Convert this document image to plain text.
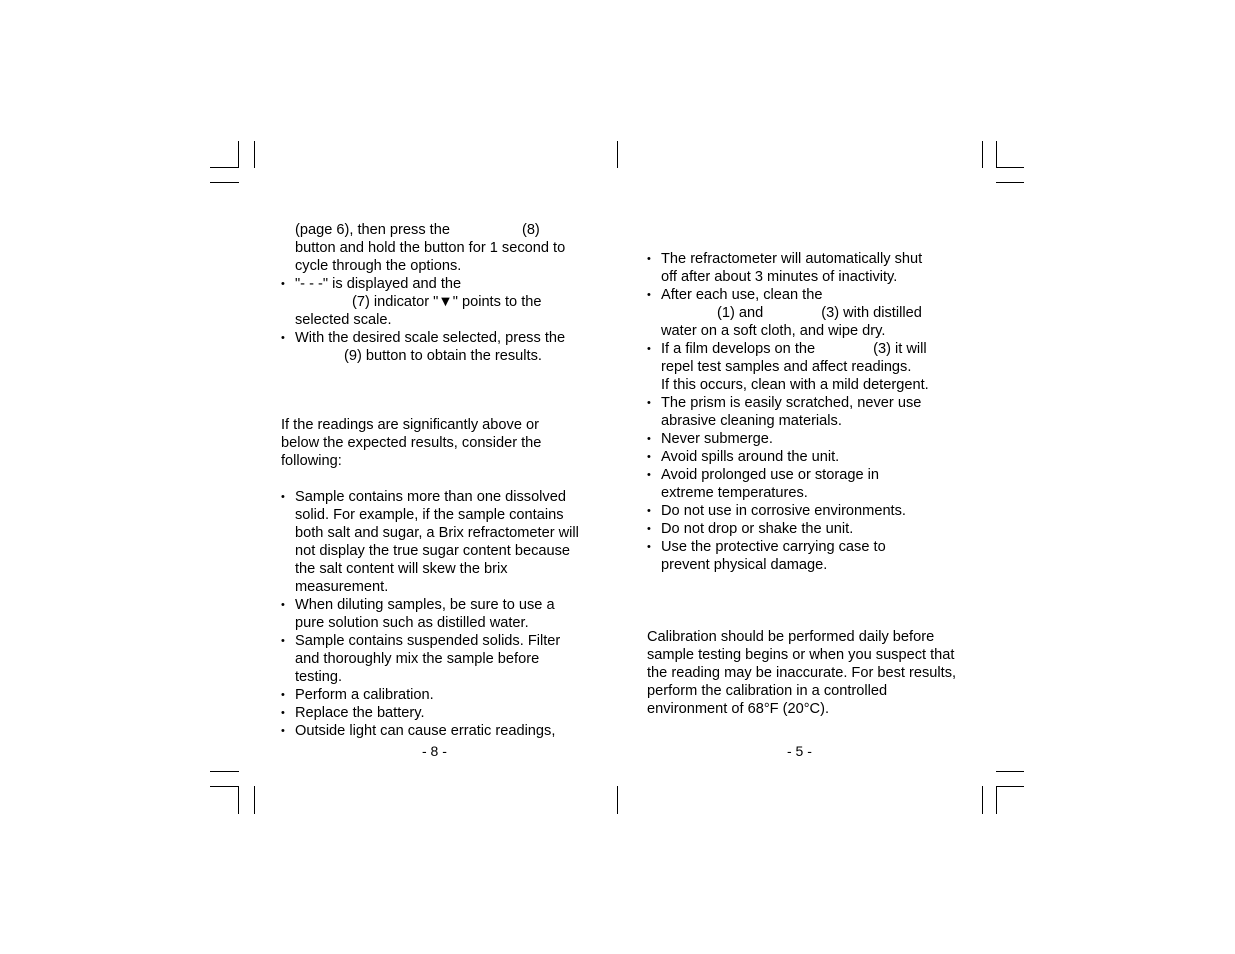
(page 6), then press the	(8)
button and hold the button for 1 second to
cycle through the options.
• "- - -" is displayed and the
(7) indicator "▼" points to the
selected scale.
• With the desired scale selected, press the
(9) button to obtain the results.

If the readings are significantly above or below the expected results, consider the following:

• Sample contains more than one dissolved solid. For example, if the sample contains both salt and sugar, a Brix refractometer will not display the true sugar content because the salt content will skew the brix measurement.
• When diluting samples, be sure to use a pure solution such as distilled water.
• Sample contains suspended solids. Filter and thoroughly mix the sample before testing.
• Perform a calibration.
• Replace the battery.
• Outside light can cause erratic readings,
- 8 -
• The refractometer will automatically shut
off after about 3 minutes of inactivity.
• After each use, clean the
(1) and	(3) with distilled
water on a soft cloth, and wipe dry.
• If a film develops on the	(3) it will
repel test samples and affect readings.
If this occurs, clean with a mild detergent.
• The prism is easily scratched, never use
abrasive cleaning materials.
• Never submerge.
• Avoid spills around the unit.
• Avoid prolonged use or storage in
extreme temperatures.
• Do not use in corrosive environments.
• Do not drop or shake the unit.
• Use the protective carrying case to
prevent physical damage.

Calibration should be performed daily before sample testing begins or when you suspect that the reading may be inaccurate. For best results, perform the calibration in a controlled environment of 68°F (20°C).

- 5 -
